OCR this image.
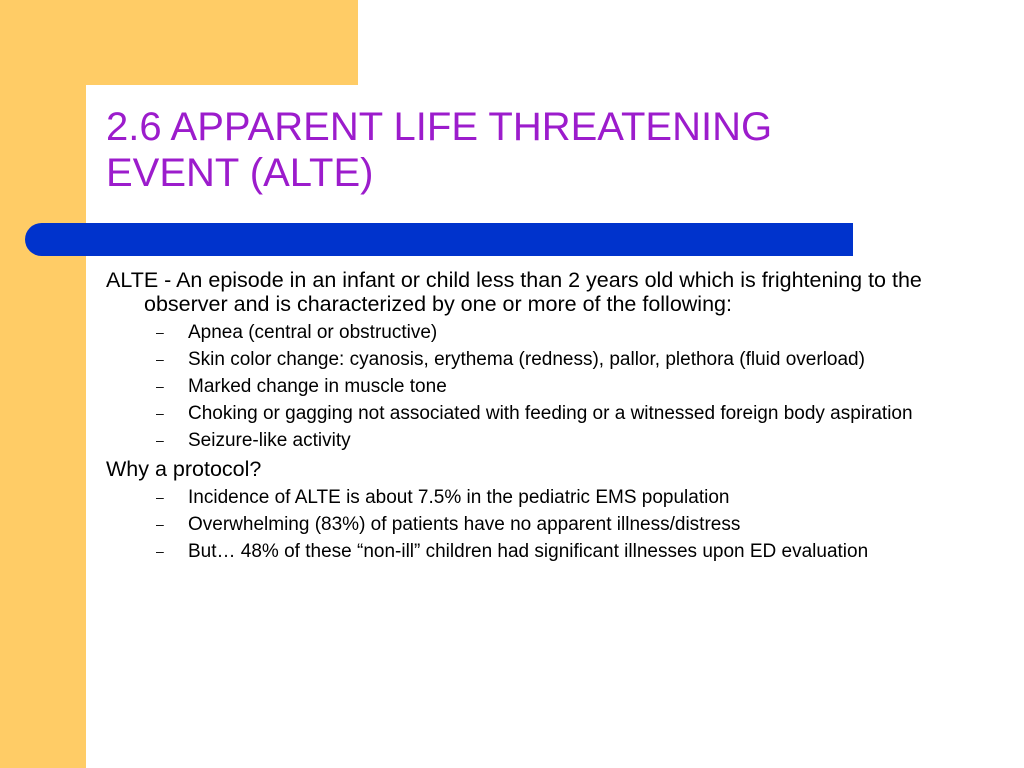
2.6 APPARENT LIFE THREATENING
EVENT (ALTE)

ALTE - An episode in an infant or child less than 2 years old which is frightening to the observer and is characterized by one or more of the following:

– Apnea (central or obstructive)
– Skin color change: cyanosis, erythema (redness), pallor, plethora (fluid overload)
– Marked change in muscle tone
– Choking or gagging not associated with feeding or a witnessed foreign body aspiration
– Seizure-like activity

Why a protocol?

– Incidence of ALTE is about 7.5% in the pediatric EMS population
– Overwhelming (83%) of patients have no apparent illness/distress
– But… 48% of these “non-ill” children had significant illnesses upon ED evaluation
